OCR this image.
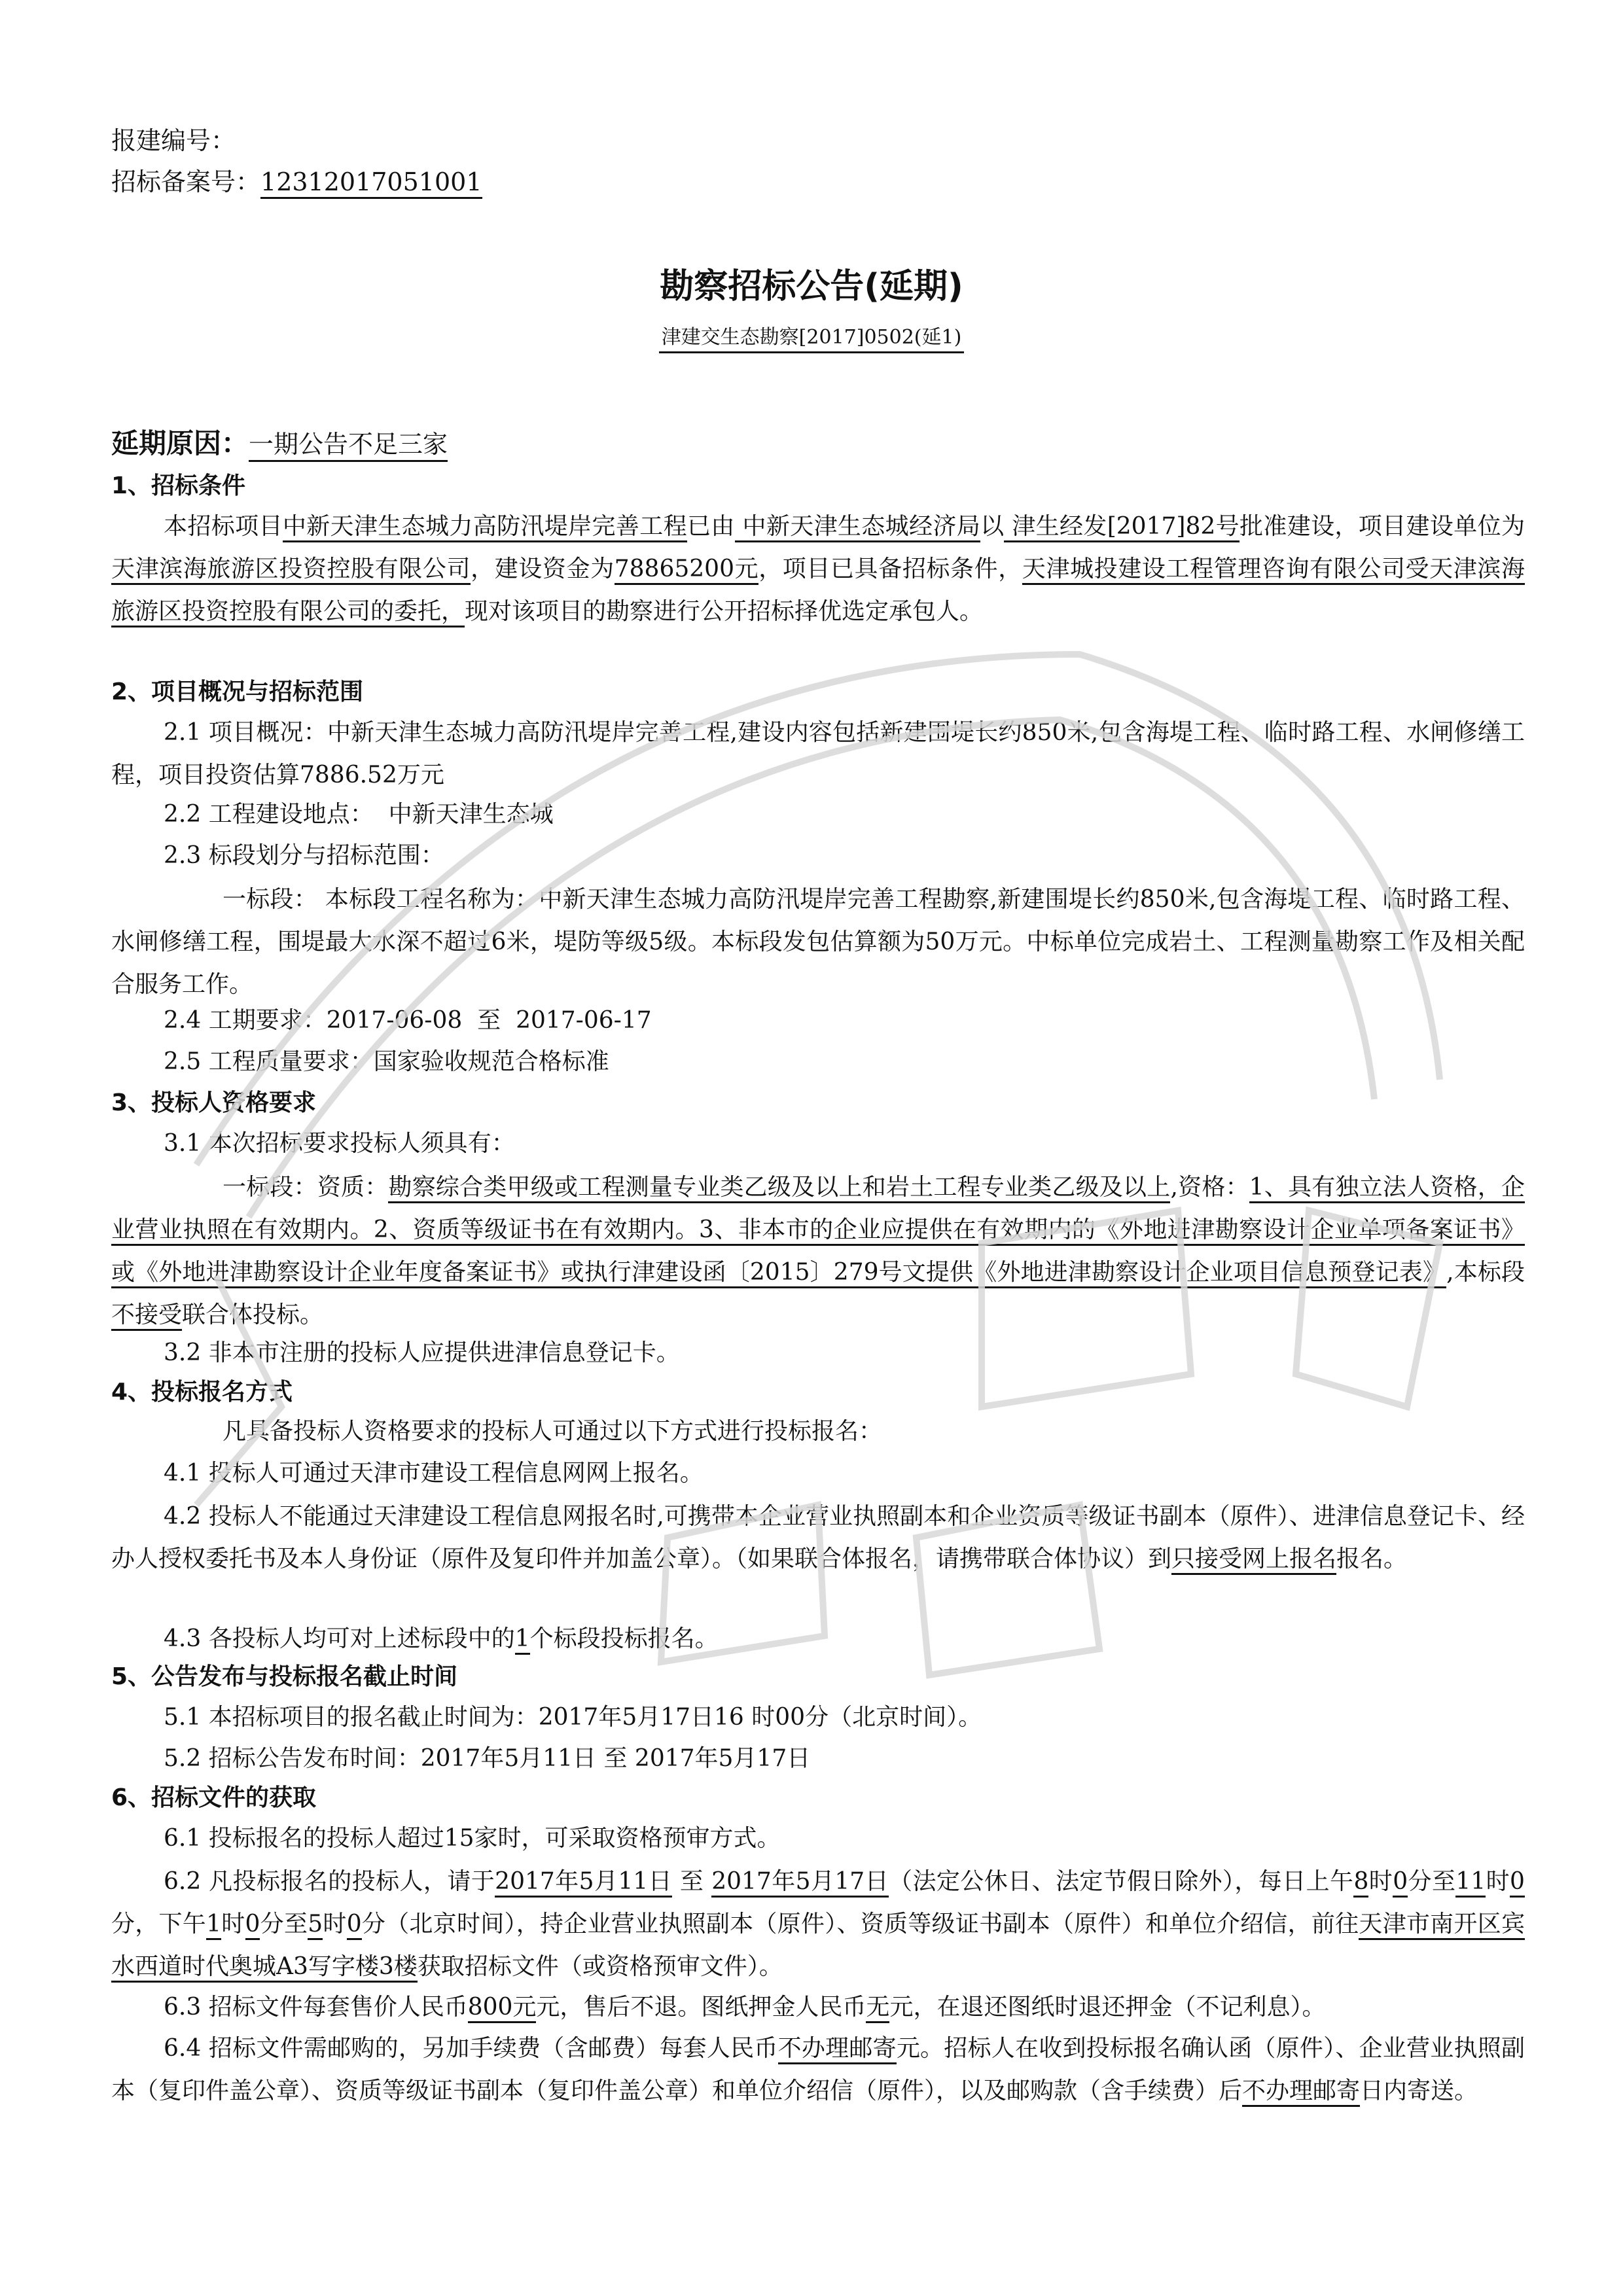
报建编号：
招标备案号：12312017051001
勘察招标公告(延期)
津建交生态勘察[2017]0502(延1)
延期原因：一期公告不足三家
1、招标条件
本招标项目中新天津生态城力高防汛堤岸完善工程已由 中新天津生态城经济局以 津生经发[2017]82号批准建设，项目建设单位为天津滨海旅游区投资控股有限公司，建设资金为78865200元，项目已具备招标条件，天津城投建设工程管理咨询有限公司受天津滨海旅游区投资控股有限公司的委托，现对该项目的勘察进行公开招标择优选定承包人。
2、项目概况与招标范围
2.1 项目概况：中新天津生态城力高防汛堤岸完善工程,建设内容包括新建围堤长约850米,包含海堤工程、临时路工程、水闸修缮工程，项目投资估算7886.52万元
2.2 工程建设地点： 中新天津生态城
2.3 标段划分与招标范围：
一标段： 本标段工程名称为：中新天津生态城力高防汛堤岸完善工程勘察,新建围堤长约850米,包含海堤工程、临时路工程、水闸修缮工程，围堤最大水深不超过6米，堤防等级5级。本标段发包估算额为50万元。中标单位完成岩土、工程测量勘察工作及相关配合服务工作。
2.4 工期要求：2017-06-08 至 2017-06-17
2.5 工程质量要求：国家验收规范合格标准
3、投标人资格要求
3.1 本次招标要求投标人须具有：
一标段：资质：勘察综合类甲级或工程测量专业类乙级及以上和岩土工程专业类乙级及以上,资格：1、具有独立法人资格，企业营业执照在有效期内。2、资质等级证书在有效期内。3、非本市的企业应提供在有效期内的《外地进津勘察设计企业单项备案证书》或《外地进津勘察设计企业年度备案证书》或执行津建设函〔2015〕279号文提供《外地进津勘察设计企业项目信息预登记表》,本标段不接受联合体投标。
3.2 非本市注册的投标人应提供进津信息登记卡。
4、投标报名方式
凡具备投标人资格要求的投标人可通过以下方式进行投标报名：
4.1 投标人可通过天津市建设工程信息网网上报名。
4.2 投标人不能通过天津建设工程信息网报名时,可携带本企业营业执照副本和企业资质等级证书副本（原件）、进津信息登记卡、经办人授权委托书及本人身份证（原件及复印件并加盖公章）。（如果联合体报名，请携带联合体协议）到只接受网上报名报名。
4.3 各投标人均可对上述标段中的1个标段投标报名。
5、公告发布与投标报名截止时间
5.1 本招标项目的报名截止时间为：2017年5月17日16 时00分（北京时间）。
5.2 招标公告发布时间：2017年5月11日 至 2017年5月17日
6、招标文件的获取
6.1 投标报名的投标人超过15家时，可采取资格预审方式。
6.2 凡投标报名的投标人，请于2017年5月11日 至 2017年5月17日（法定公休日、法定节假日除外），每日上午8时0分至11时0分，下午1时0分至5时0分（北京时间），持企业营业执照副本（原件）、资质等级证书副本（原件）和单位介绍信，前往天津市南开区宾水西道时代奥城A3写字楼3楼获取招标文件（或资格预审文件）。
6.3 招标文件每套售价人民币800元元，售后不退。图纸押金人民币无元，在退还图纸时退还押金（不记利息）。
6.4 招标文件需邮购的，另加手续费（含邮费）每套人民币不办理邮寄元。招标人在收到投标报名确认函（原件）、企业营业执照副本（复印件盖公章）、资质等级证书副本（复印件盖公章）和单位介绍信（原件），以及邮购款（含手续费）后不办理邮寄日内寄送。
